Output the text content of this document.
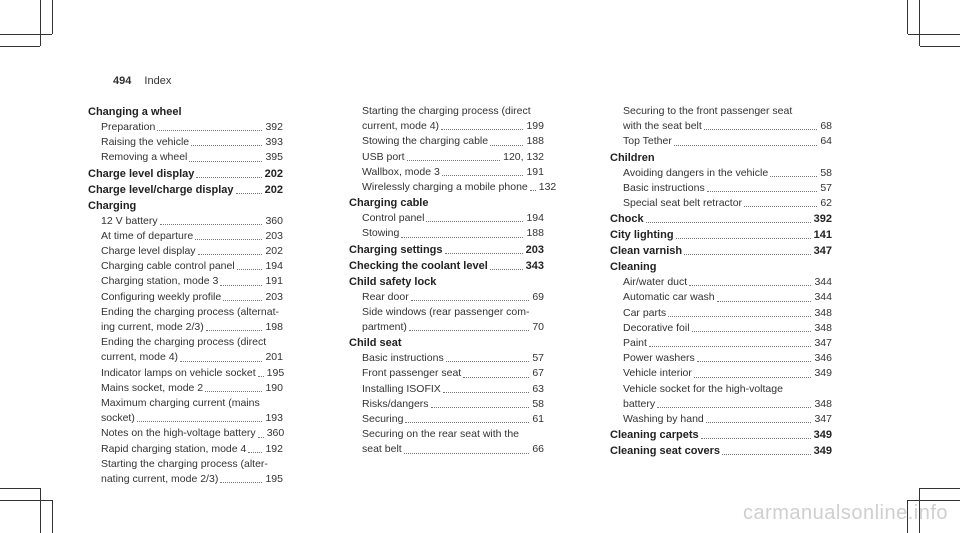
494 Index
Changing a wheel
Preparation	392
Raising the vehicle	393
Removing a wheel	395
Charge level display	202
Charge level/charge display	202
Charging
12 V battery	360
At time of departure	203
Charge level display	202
Charging cable control panel	194
Charging station, mode 3	191
Configuring weekly profile	203
Ending the charging process (alternat-
ing current, mode 2/3)	198
Ending the charging process (direct
current, mode 4)	201
Indicator lamps on vehicle socket 195
Mains socket, mode 2	190
Maximum charging current (mains
socket)	193
Notes on the high-voltage battery 360
Rapid charging station, mode 4 192
Starting the charging process (alter-
nating current, mode 2/3)	195
Starting the charging process (direct
current, mode 4)	199
Stowing the charging cable	188
USB port	120, 132
Wallbox, mode 3	191
Wirelessly charging a mobile phone 132
Charging cable
Control panel	194
Stowing	188
Charging settings	203
Checking the coolant level	343
Child safety lock
Rear door	69
Side windows (rear passenger com-
partment)	70
Child seat
Basic instructions	57
Front passenger seat	67
Installing ISOFIX	63
Risks/dangers	58
Securing	61
Securing on the rear seat with the
seat belt	66
Securing to the front passenger seat
with the seat belt	68
Top Tether	64
Children
Avoiding dangers in the vehicle	58
Basic instructions	57
Special seat belt retractor	62
Chock	392
City lighting	141
Clean varnish	347
Cleaning
Air/water duct	344
Automatic car wash	344
Car parts	348
Decorative foil	348
Paint	347
Power washers	346
Vehicle interior	349
Vehicle socket for the high-voltage
battery	348
Washing by hand	347
Cleaning carpets	349
Cleaning seat covers	349
carmanualsonline.info
